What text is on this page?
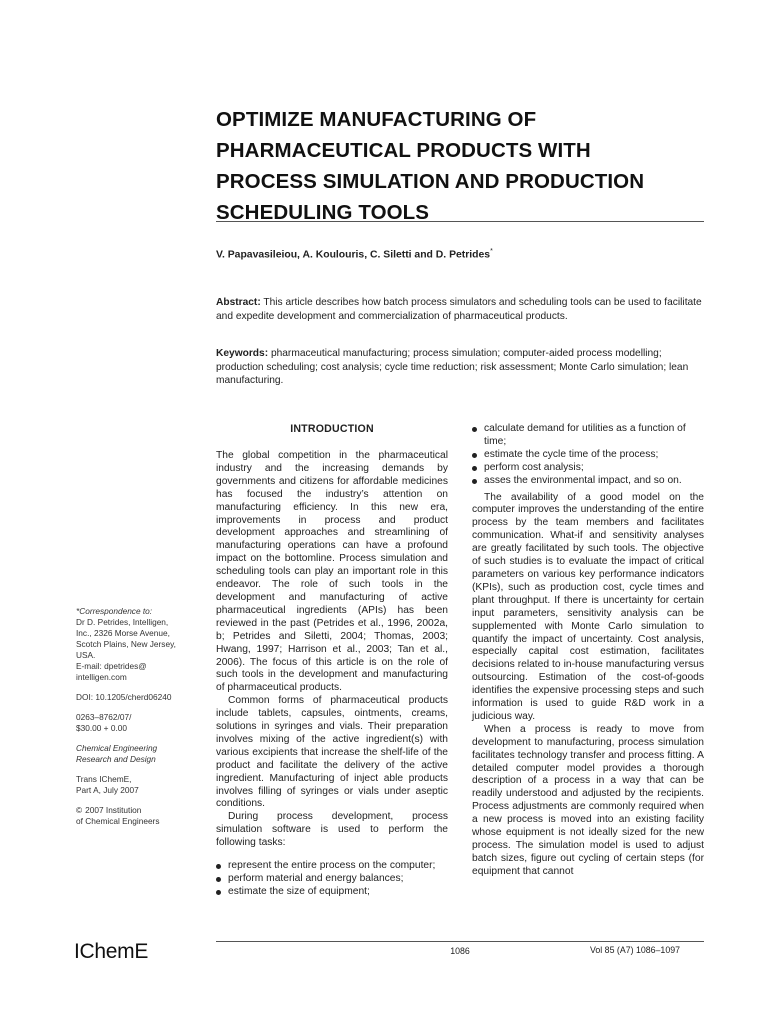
OPTIMIZE MANUFACTURING OF
PHARMACEUTICAL PRODUCTS WITH
PROCESS SIMULATION AND PRODUCTION
SCHEDULING TOOLS
V. Papavasileiou, A. Koulouris, C. Siletti and D. Petrides*

Abstract: This article describes how batch process simulators and scheduling tools can be used to facilitate and expedite development and commercialization of pharmaceutical products.

Keywords: pharmaceutical manufacturing; process simulation; computer-aided process modelling; production scheduling; cost analysis; cycle time reduction; risk assessment; Monte Carlo simulation; lean manufacturing.

INTRODUCTION

The global competition in the pharmaceutical industry and the increasing demands by governments and citizens for affordable medicines has focused the industry’s attention on manufacturing efficiency. In this new era, improvements in process and product development approaches and streamlining of manufacturing operations can have a profound impact on the bottomline. Process simulation and scheduling tools can play an important role in this endeavor. The role of such tools in the development and manufacturing of active pharmaceutical ingredients (APIs) has been reviewed in the past (Petrides et al., 1996, 2002a, b; Petrides and Siletti, 2004; Thomas, 2003; Hwang, 1997; Harrison et al., 2003; Tan et al., 2006). The focus of this article is on the role of such tools in the development and manufacturing of pharmaceutical products.

Common forms of pharmaceutical products include tablets, capsules, ointments, creams, solutions in syringes and vials. Their preparation involves mixing of the active ingredient(s) with various excipients that increase the shelf-life of the product and facilitate the delivery of the active ingredient. Manufacturing of inject able products involves filling of syringes or vials under aseptic conditions.

During process development, process simulation software is used to perform the following tasks:

represent the entire process on the computer;
perform material and energy balances;
estimate the size of equipment;
calculate demand for utilities as a function of time;
estimate the cycle time of the process;
perform cost analysis;
asses the environmental impact, and so on.

The availability of a good model on the computer improves the understanding of the entire process by the team members and facilitates communication. What-if and sensitivity analyses are greatly facilitated by such tools. The objective of such studies is to evaluate the impact of critical parameters on various key performance indicators (KPIs), such as production cost, cycle times and plant throughput. If there is uncertainty for certain input parameters, sensitivity analysis can be supplemented with Monte Carlo simulation to quantify the impact of uncertainty. Cost analysis, especially capital cost estimation, facilitates decisions related to in-house manufacturing versus outsourcing. Estimation of the cost-of-goods identifies the expensive processing steps and such information is used to guide R&D work in a judicious way.

When a process is ready to move from development to manufacturing, process simulation facilitates technology transfer and process fitting. A detailed computer model provides a thorough description of a process in a way that can be readily understood and adjusted by the recipients. Process adjustments are commonly required when a new process is moved into an existing facility whose equipment is not ideally sized for the new process. The simulation model is used to adjust batch sizes, figure out cycling of certain steps (for equipment that cannot

*Correspondence to:
Dr D. Petrides, Intelligen,
Inc., 2326 Morse Avenue,
Scotch Plains, New Jersey,
USA.
E-mail: dpetrides@
intelligen.com
DOI: 10.1205/cherd06240
0263–8762/07/
$30.00 + 0.00
Chemical Engineering
Research and Design
Trans IChemE,
Part A, July 2007
© 2007 Institution
of Chemical Engineers
IChemE	1086	Vol 85 (A7) 1086–1097
